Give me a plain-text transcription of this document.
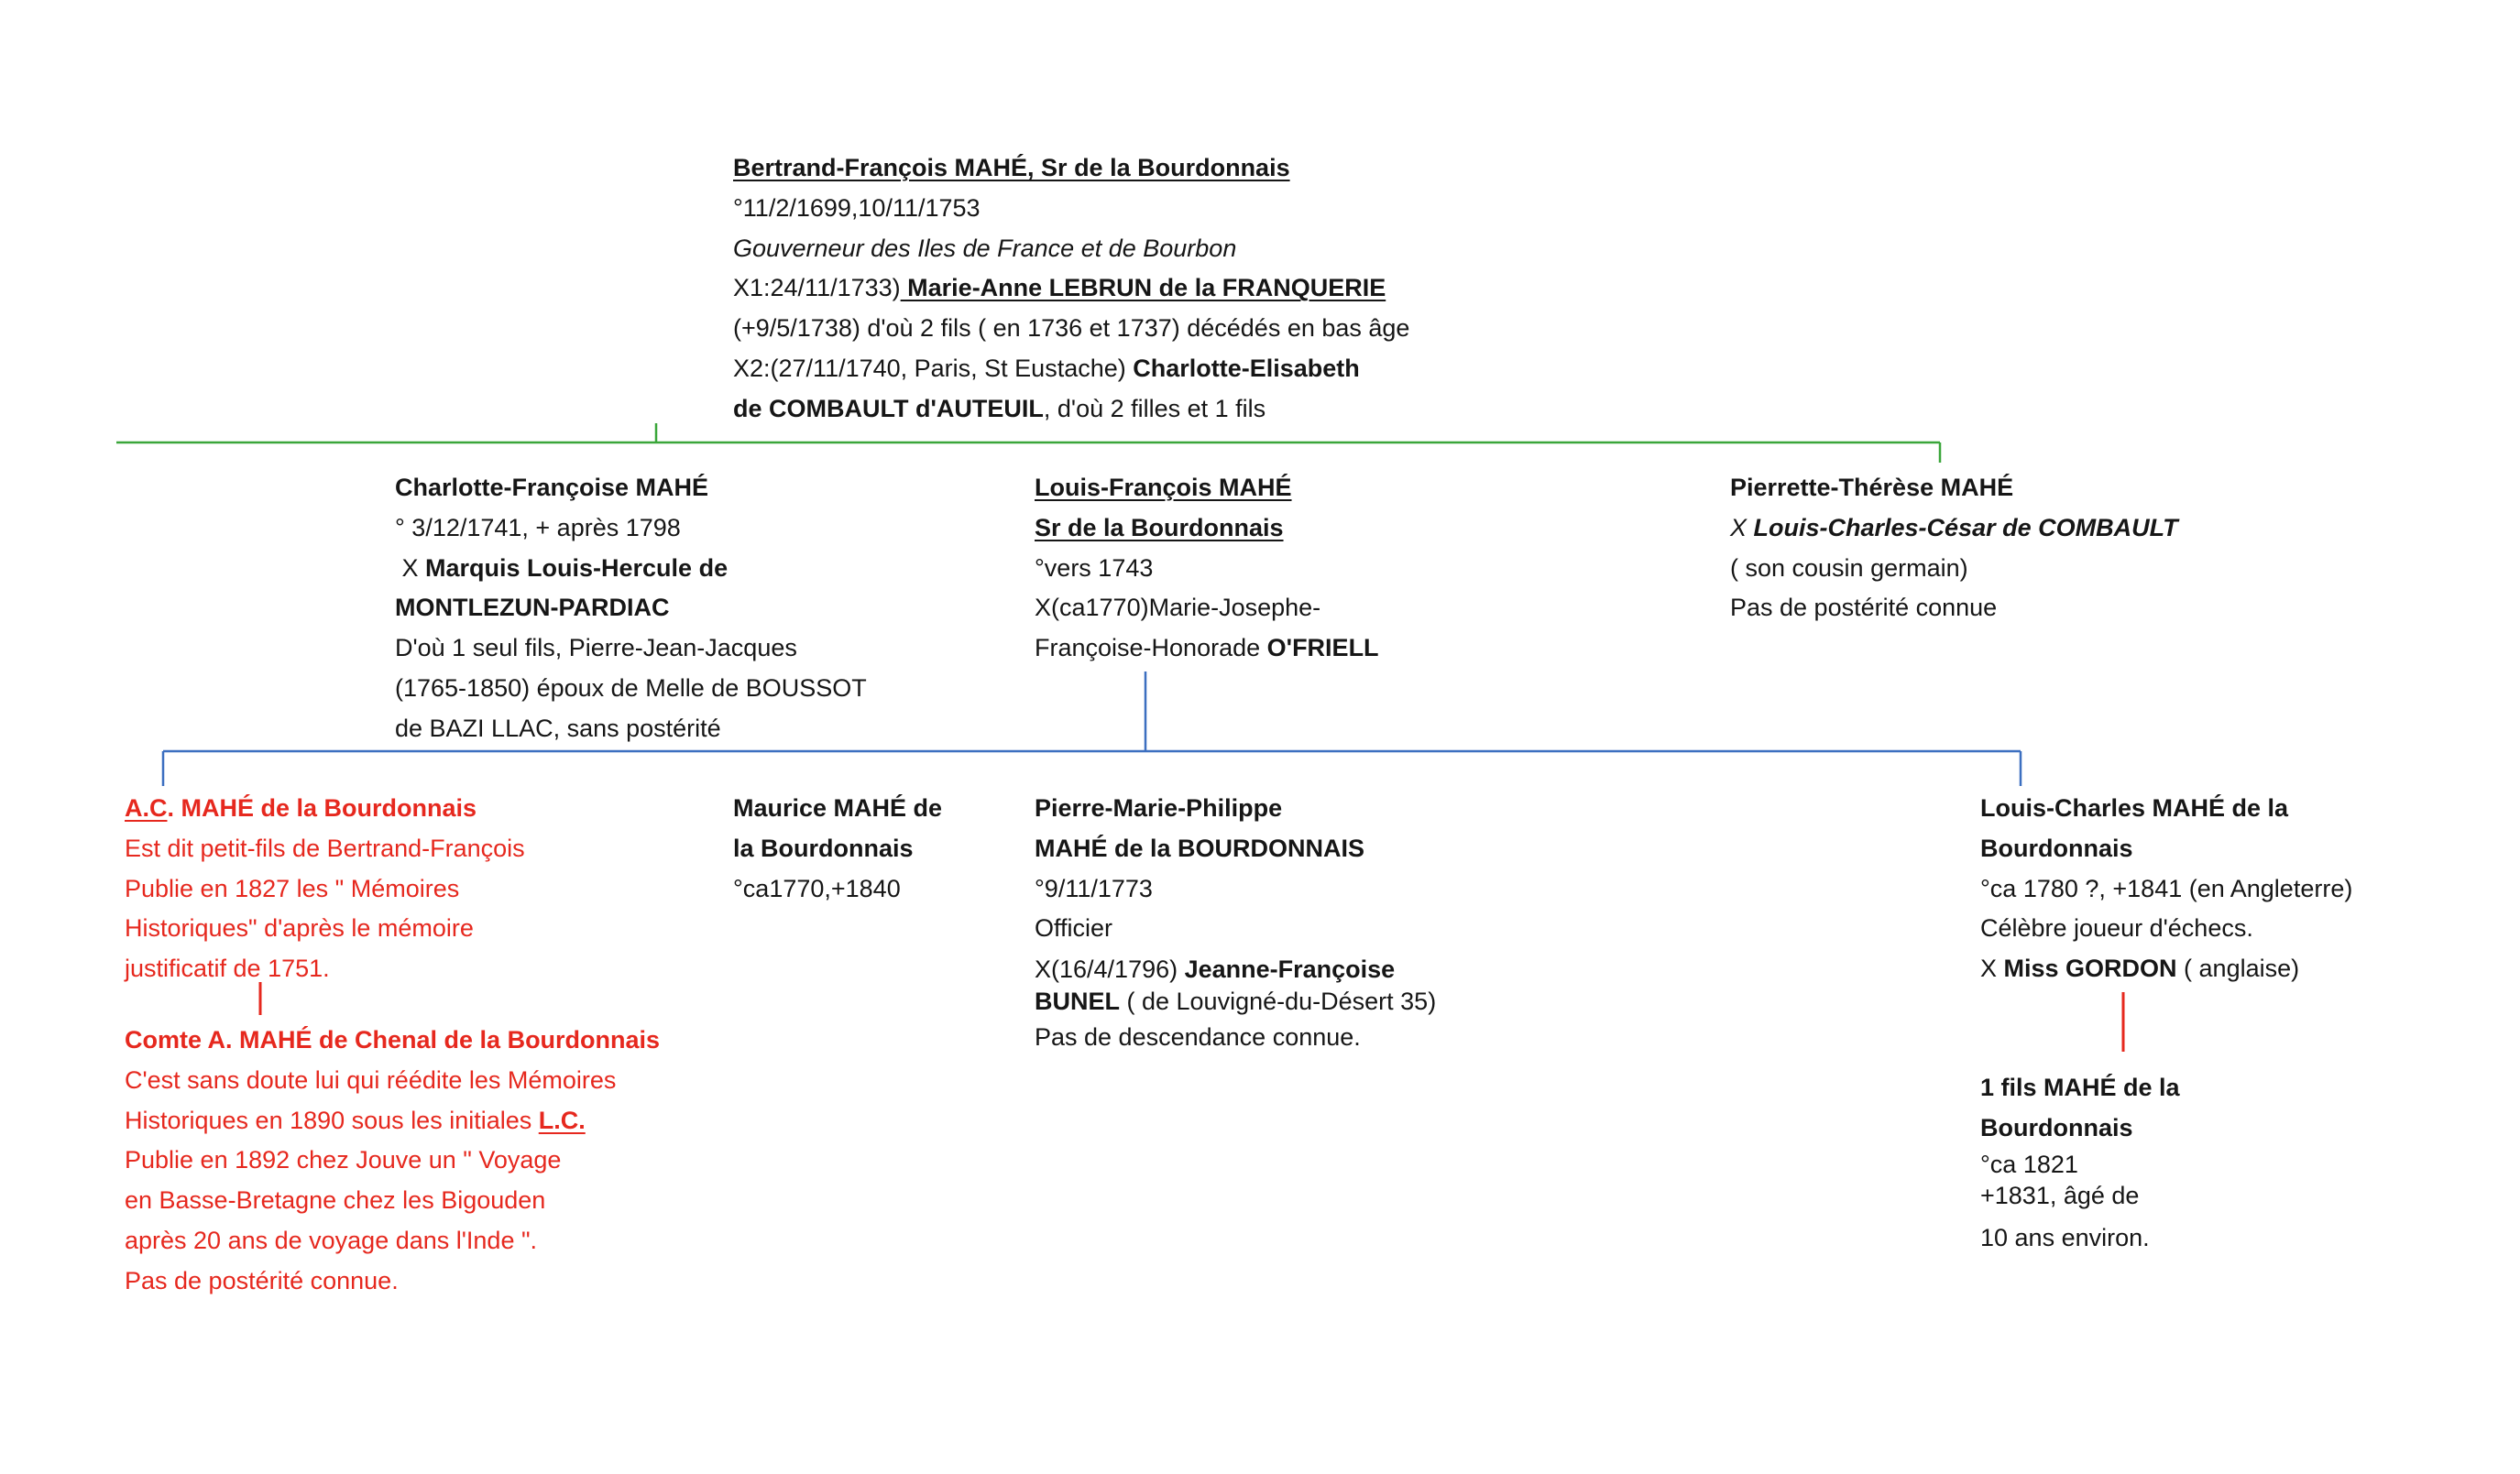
Bertrand-François MAHÉ, Sr de la Bourdonnais
°11/2/1699,10/11/1753
Gouverneur des Iles de France et de Bourbon
X1:24/11/1733) Marie-Anne LEBRUN de la FRANQUERIE
(+9/5/1738) d'où 2 fils ( en 1736 et 1737) décédés en bas âge
X2:(27/11/1740, Paris, St Eustache) Charlotte-Elisabeth
de COMBAULT d'AUTEUIL, d'où 2 filles et 1 fils
Charlotte-Françoise MAHÉ
° 3/12/1741, + après 1798
X Marquis Louis-Hercule de
MONTLEZUN-PARDIAC
D'où 1 seul fils, Pierre-Jean-Jacques
(1765-1850) époux de Melle de BOUSSOT
de BAZI LLAC, sans postérité
Louis-François MAHÉ
Sr de la Bourdonnais
°vers 1743
X(ca1770)Marie-Josephe-
Françoise-Honorade O'FRIELL
Pierrette-Thérèse MAHÉ
X Louis-Charles-César de COMBAULT
( son cousin germain)
Pas de postérité connue
A.C. MAHÉ de la Bourdonnais
Est dit petit-fils de Bertrand-François
Publie en 1827 les " Mémoires
Historiques" d'après le mémoire
justificatif de 1751.
Comte A. MAHÉ de Chenal de la Bourdonnais
C'est sans doute lui qui réédite les Mémoires
Historiques en 1890 sous les initiales L.C.
Publie en 1892 chez Jouve un " Voyage
en Basse-Bretagne chez les Bigouden
après 20 ans de voyage dans l'Inde ".
Pas de postérité connue.
Maurice MAHÉ de
la Bourdonnais
°ca1770,+1840
Pierre-Marie-Philippe
MAHÉ de la BOURDONNAIS
°9/11/1773
Officier
X(16/4/1796) Jeanne-Françoise
BUNEL ( de Louvigné-du-Désert 35)
Pas de descendance connue.
Louis-Charles MAHÉ de la
Bourdonnais
°ca 1780 ?, +1841 (en Angleterre)
Célèbre joueur d'échecs.
X Miss GORDON ( anglaise)
1 fils MAHÉ de la
Bourdonnais
°ca 1821
+1831, âgé de
10 ans environ.
